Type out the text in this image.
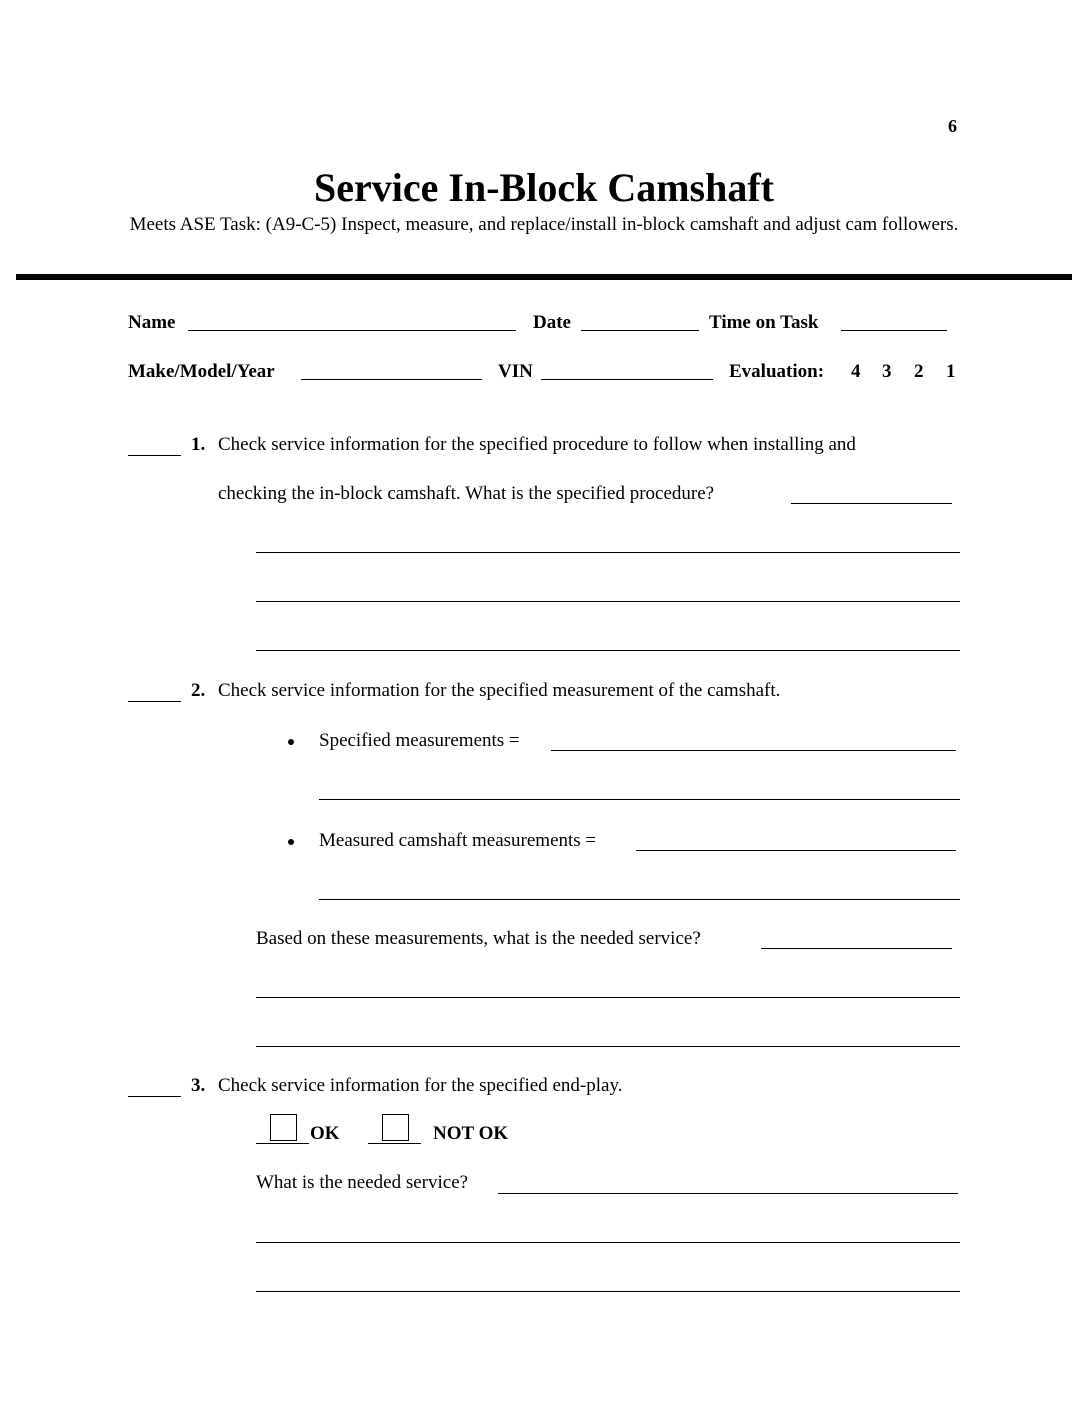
6
Service In-Block Camshaft
Meets ASE Task: (A9-C-5) Inspect, measure, and replace/install in-block camshaft and adjust cam followers.
Name	Date	Time on Task
Make/Model/Year	VIN	Evaluation: 4 3 2 1
1. Check service information for the specified procedure to follow when installing and
checking the in-block camshaft. What is the specified procedure?
2. Check service information for the specified measurement of the camshaft.
Specified measurements =
Measured camshaft measurements =
Based on these measurements, what is the needed service?
3. Check service information for the specified end-play.
OK	NOT OK
What is the needed service?
